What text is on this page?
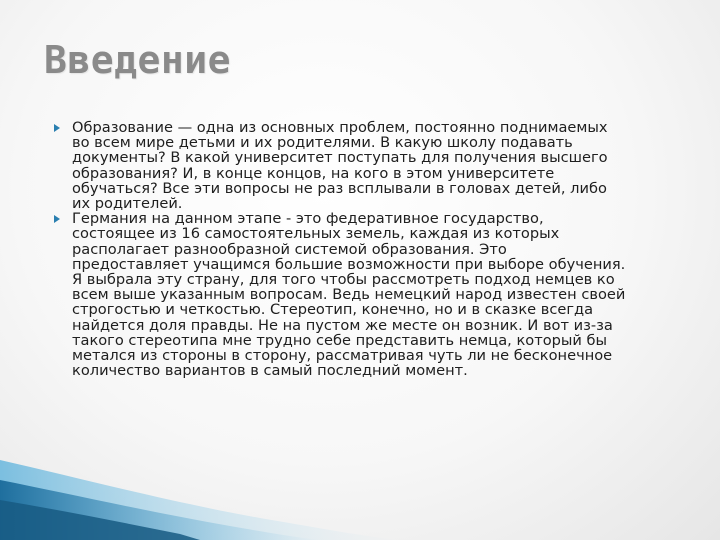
Введение
Образование — одна из основных проблем, постоянно поднимаемых
во всем мире детьми и их родителями. В какую школу подавать
документы? В какой университет поступать для получения высшего
образования? И, в конце концов, на кого в этом университете
обучаться? Все эти вопросы не раз всплывали в головах детей, либо
их родителей.
Германия на данном этапе - это федеративное государство,
состоящее из 16 самостоятельных земель, каждая из которых
располагает разнообразной системой образования. Это
предоставляет учащимся большие возможности при выборе обучения.
Я выбрала эту страну, для того чтобы рассмотреть подход немцев ко
всем выше указанным вопросам. Ведь немецкий народ известен своей
строгостью и четкостью. Стереотип, конечно, но и в сказке всегда
найдется доля правды. Не на пустом же месте он возник. И вот из-за
такого стереотипа мне трудно себе представить немца, который бы
метался из стороны в сторону, рассматривая чуть ли не бесконечное
количество вариантов в самый последний момент.
